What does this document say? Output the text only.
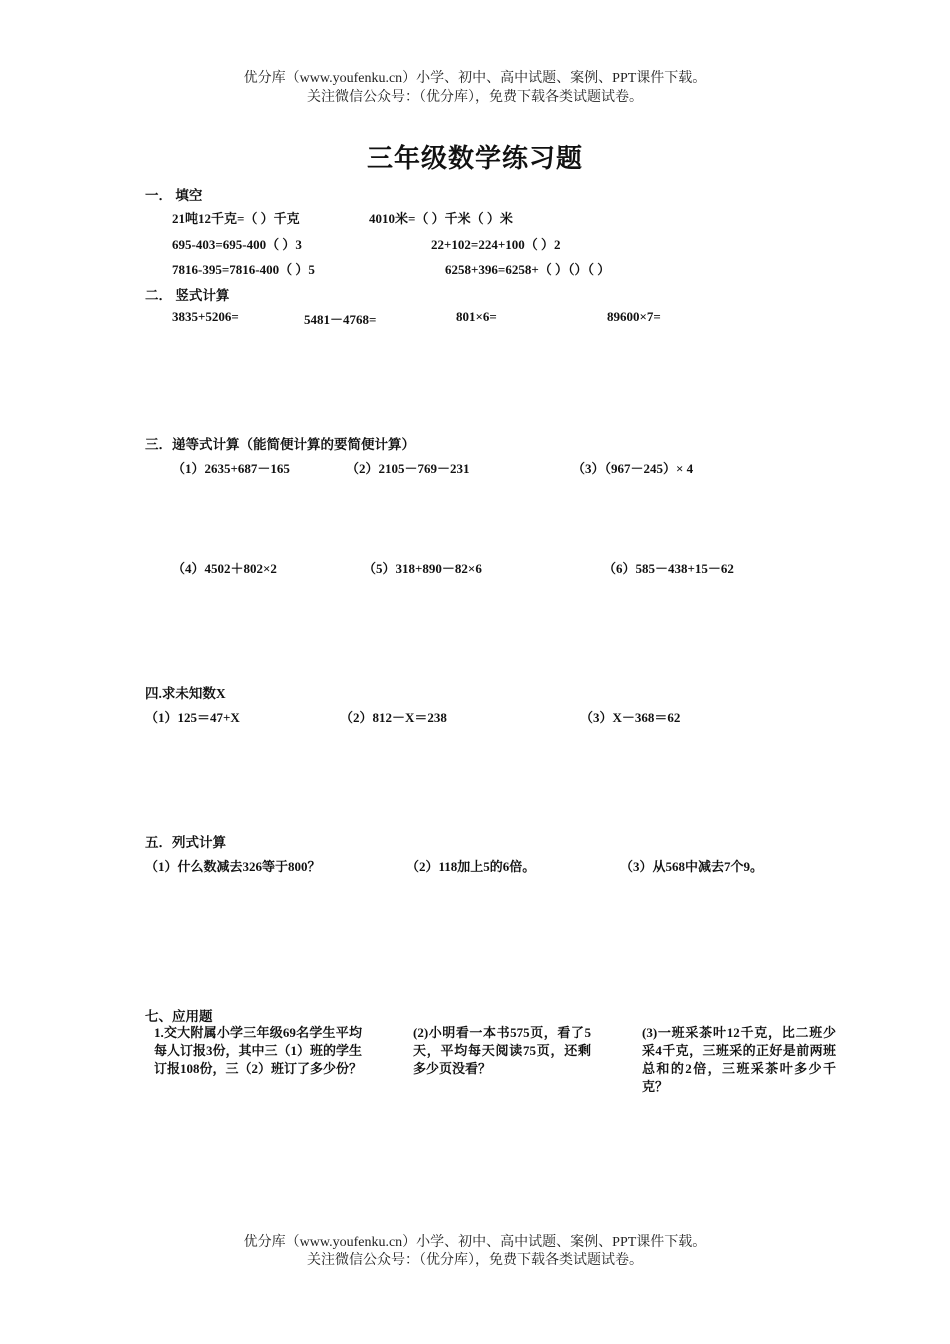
优分库（www.youfenku.cn）小学、初中、高中试题、案例、PPT课件下载。
关注微信公众号：（优分库），免费下载各类试题试卷。
三年级数学练习题
一． 填空
21吨12千克=（ ）千克	4010米=（ ）千米（ ）米
695-403=695-400（ ）3	22+102=224+100（ ）2
7816-395=7816-400（ ）5	6258+396=6258+（ ）（）（ ）
二． 竖式计算
3835+5206=	5481－4768=	801×6=	89600×7=
三．递等式计算（能简便计算的要简便计算）
（1）2635+687－165	（2）2105－769－231	（3）（967－245）× 4
（4）4502＋802×2	（5）318+890－82×6	（6）585－438+15－62
四.求未知数X
（1）125＝47+X	（2）812－X＝238	（3）X－368＝62
五．列式计算
（1）什么数减去326等于800？	（2）118加上5的6倍。	（3）从568中减去7个9。
七、应用题
1.交大附属小学三年级69名学生平均每人订报3份，其中三（1）班的学生订报108份，三（2）班订了多少份？
(2)小明看一本书575页，看了5天，平均每天阅读75页，还剩多少页没看？
(3)一班采茶叶12千克，比二班少采4千克，三班采的正好是前两班总和的2倍，三班采茶叶多少千克？
优分库（www.youfenku.cn）小学、初中、高中试题、案例、PPT课件下载。
关注微信公众号：（优分库），免费下载各类试题试卷。
